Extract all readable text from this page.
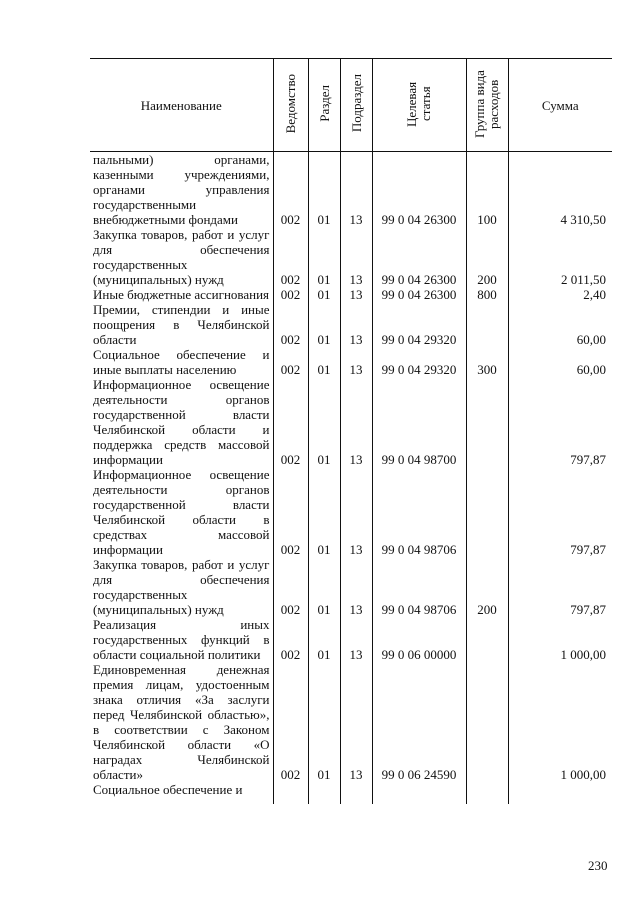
Наименование	Ведомство	Раздел	Подраздел	Целевая статья	Группа вида расходов	Сумма
пальными) органами, казенными учреждениями, органами управления государственными внебюджетными фондами	002	01	13	99 0 04 26300	100	4 310,50
Закупка товаров, работ и услуг для обеспечения государственных (муниципальных) нужд	002	01	13	99 0 04 26300	200	2 011,50
Иные бюджетные ассигнования	002	01	13	99 0 04 26300	800	2,40
Премии, стипендии и иные поощрения в Челябинской области	002	01	13	99 0 04 29320		60,00
Социальное обеспечение и иные выплаты населению	002	01	13	99 0 04 29320	300	60,00
Информационное освещение деятельности органов государственной власти Челябинской области и поддержка средств массовой информации	002	01	13	99 0 04 98700		797,87
Информационное освещение деятельности органов государственной власти Челябинской области в средствах массовой информации	002	01	13	99 0 04 98706		797,87
Закупка товаров, работ и услуг для обеспечения государственных (муниципальных) нужд	002	01	13	99 0 04 98706	200	797,87
Реализация иных государственных функций в области социальной политики	002	01	13	99 0 06 00000		1 000,00
Единовременная денежная премия лицам, удостоенным знака отличия «За заслуги перед Челябинской областью», в соответствии с Законом Челябинской области «О наградах Челябинской области»	002	01	13	99 0 06 24590		1 000,00
Социальное обеспечение и						
230
